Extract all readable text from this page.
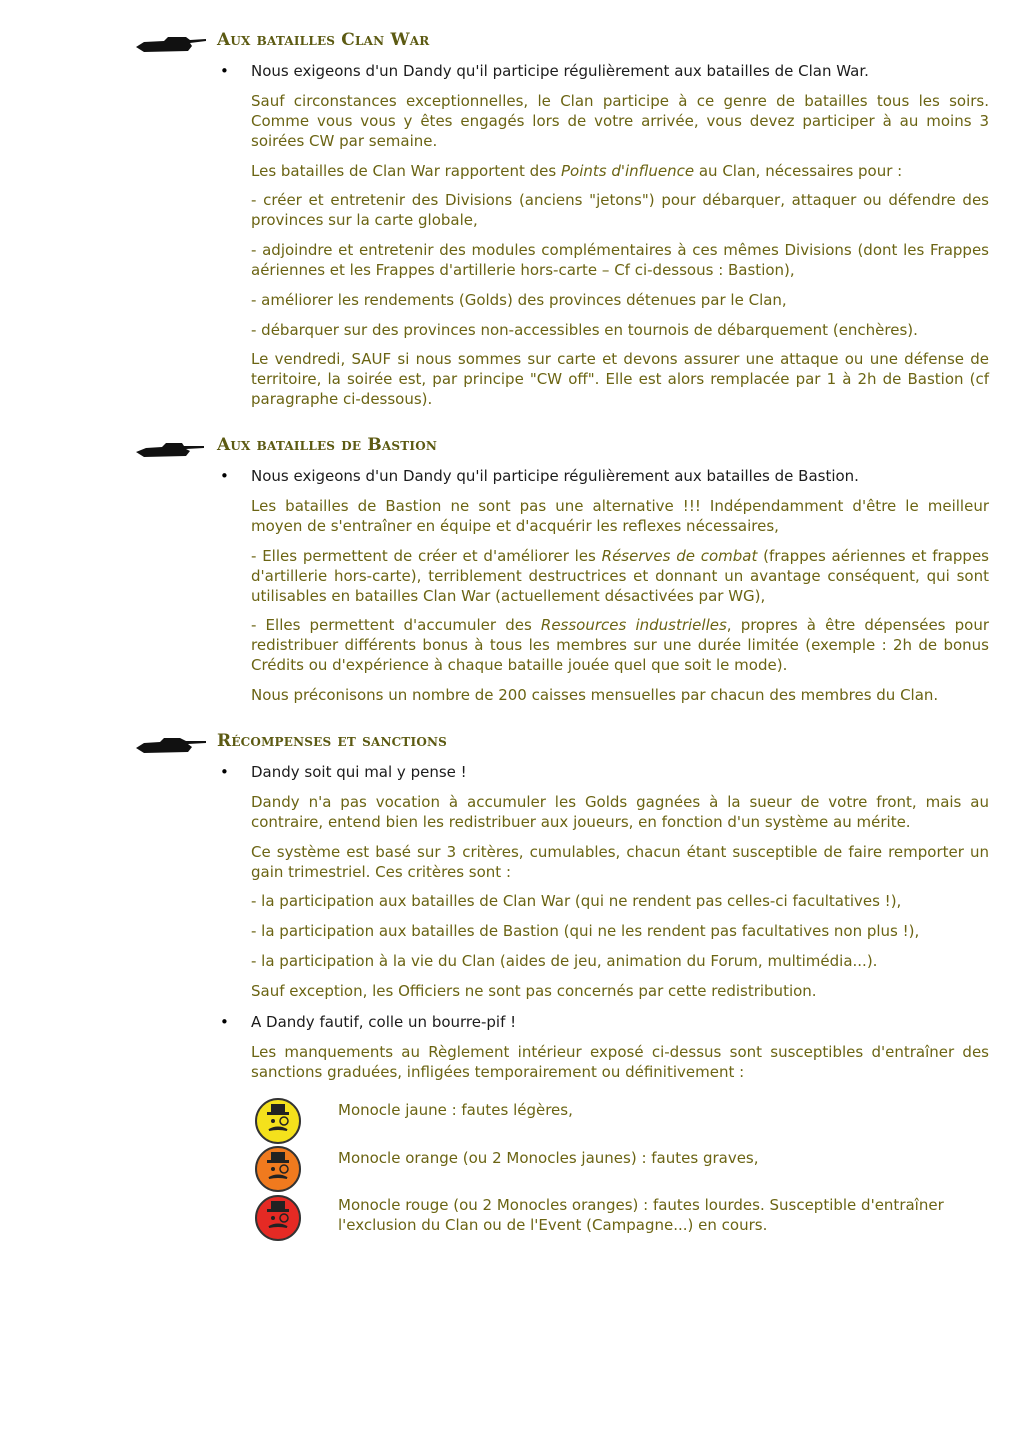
Aux batailles Clan War
• Nous exigeons d'un Dandy qu'il participe régulièrement aux batailles de Clan War.

Sauf circonstances exceptionnelles, le Clan participe à ce genre de batailles tous les soirs. Comme vous vous y êtes engagés lors de votre arrivée, vous devez participer à au moins 3 soirées CW par semaine.

Les batailles de Clan War rapportent des Points d'influence au Clan, nécessaires pour :

- créer et entretenir des Divisions (anciens "jetons") pour débarquer, attaquer ou défendre des provinces sur la carte globale,

- adjoindre et entretenir des modules complémentaires à ces mêmes Divisions (dont les Frappes aériennes et les Frappes d'artillerie hors-carte – Cf ci-dessous : Bastion),

- améliorer les rendements (Golds) des provinces détenues par le Clan,

- débarquer sur des provinces non-accessibles en tournois de débarquement (enchères).

Le vendredi, SAUF si nous sommes sur carte et devons assurer une attaque ou une défense de territoire, la soirée est, par principe "CW off". Elle est alors remplacée par 1 à 2h de Bastion (cf paragraphe ci-dessous).

Aux batailles de Bastion
• Nous exigeons d'un Dandy qu'il participe régulièrement aux batailles de Bastion.

Les batailles de Bastion ne sont pas une alternative !!! Indépendamment d'être le meilleur moyen de s'entraîner en équipe et d'acquérir les reflexes nécessaires,

- Elles permettent de créer et d'améliorer les Réserves de combat (frappes aériennes et frappes d'artillerie hors-carte), terriblement destructrices et donnant un avantage conséquent, qui sont utilisables en batailles Clan War (actuellement désactivées par WG),

- Elles permettent d'accumuler des Ressources industrielles, propres à être dépensées pour redistribuer différents bonus à tous les membres sur une durée limitée (exemple : 2h de bonus Crédits ou d'expérience à chaque bataille jouée quel que soit le mode).

Nous préconisons un nombre de 200 caisses mensuelles par chacun des membres du Clan.

Récompenses et sanctions
• Dandy soit qui mal y pense !

Dandy n'a pas vocation à accumuler les Golds gagnées à la sueur de votre front, mais au contraire, entend bien les redistribuer aux joueurs, en fonction d'un système au mérite.

Ce système est basé sur 3 critères, cumulables, chacun étant susceptible de faire remporter un gain trimestriel. Ces critères sont :

- la participation aux batailles de Clan War (qui ne rendent pas celles-ci facultatives !),

- la participation aux batailles de Bastion (qui ne les rendent pas facultatives non plus !),

- la participation à la vie du Clan (aides de jeu, animation du Forum, multimédia...).

Sauf exception, les Officiers ne sont pas concernés par cette redistribution.

• A Dandy fautif, colle un bourre-pif !

Les manquements au Règlement intérieur exposé ci-dessus sont susceptibles d'entraîner des sanctions graduées, infligées temporairement ou définitivement :

Monocle jaune : fautes légères,
Monocle orange (ou 2 Monocles jaunes) : fautes graves,
Monocle rouge (ou 2 Monocles oranges) : fautes lourdes. Susceptible d'entraîner l'exclusion du Clan ou de l'Event (Campagne...) en cours.
